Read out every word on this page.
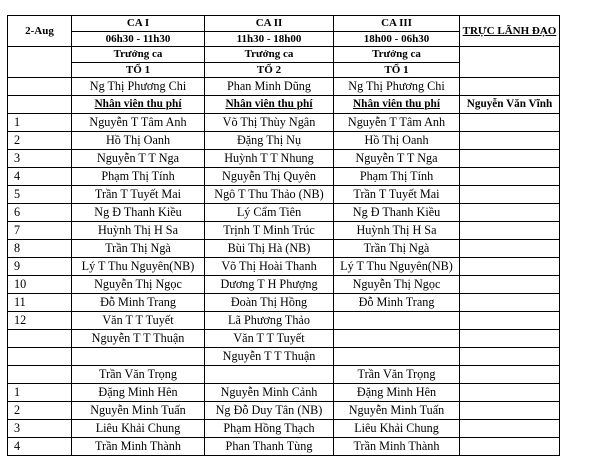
2-Aug	CA I	CA II	CA III	TRỰC LÃNH ĐẠO
	06h30 - 11h30	11h30 - 18h00	18h00 - 06h30	
	Trưởng ca	Trưởng ca	Trưởng ca	
	TỔ 1	TỔ 2	TỔ 1	
	Ng Thị Phương Chi	Phan Minh Dũng	Ng Thị Phương Chi	
	Nhân viên thu phí	Nhân viên thu phí	Nhân viên thu phí	Nguyễn Văn Vĩnh
1	Nguyễn T Tâm Anh	Võ Thị Thùy Ngân	Nguyễn T Tâm Anh	
2	Hồ Thị Oanh	Đặng Thị Nụ	Hồ Thị Oanh	
3	Nguyễn T T Nga	Huỳnh T T Nhung	Nguyễn T T Nga	
4	Phạm Thị Tính	Nguyễn Thị Quyên	Phạm Thị Tính	
5	Trần T Tuyết Mai	Ngô T Thu Thảo (NB)	Trần T Tuyết Mai	
6	Ng Đ Thanh Kiều	Lý Cẩm Tiên	Ng Đ Thanh Kiều	
7	Huỳnh Thị H Sa	Trịnh T Minh Trúc	Huỳnh Thị H Sa	
8	Trần Thị Ngà	Bùi Thị Hà (NB)	Trần Thị Ngà	
9	Lý T Thu Nguyên(NB)	Võ Thị Hoài Thanh	Lý T Thu Nguyên(NB)	
10	Nguyễn Thị Ngọc	Dương T H Phượng	Nguyễn Thị Ngọc	
11	Đỗ Minh Trang	Đoàn Thị Hồng	Đỗ Minh Trang	
12	Văn T T Tuyết	Lã Phương Thảo		
	Nguyễn T T Thuận	Văn T T Tuyết		
		Nguyễn T T Thuận		
	Trần Văn Trọng		Trần Văn Trọng	
1	Đặng Minh Hên	Nguyễn Minh Cảnh	Đặng Minh Hên	
2	Nguyễn Minh Tuấn	Ng Đỗ Duy Tân (NB)	Nguyễn Minh Tuấn	
3	Liêu Khải Chung	Phạm Hồng Thạch	Liêu Khải Chung	
4	Trần Minh Thành	Phan Thanh Tùng	Trần Minh Thành	
